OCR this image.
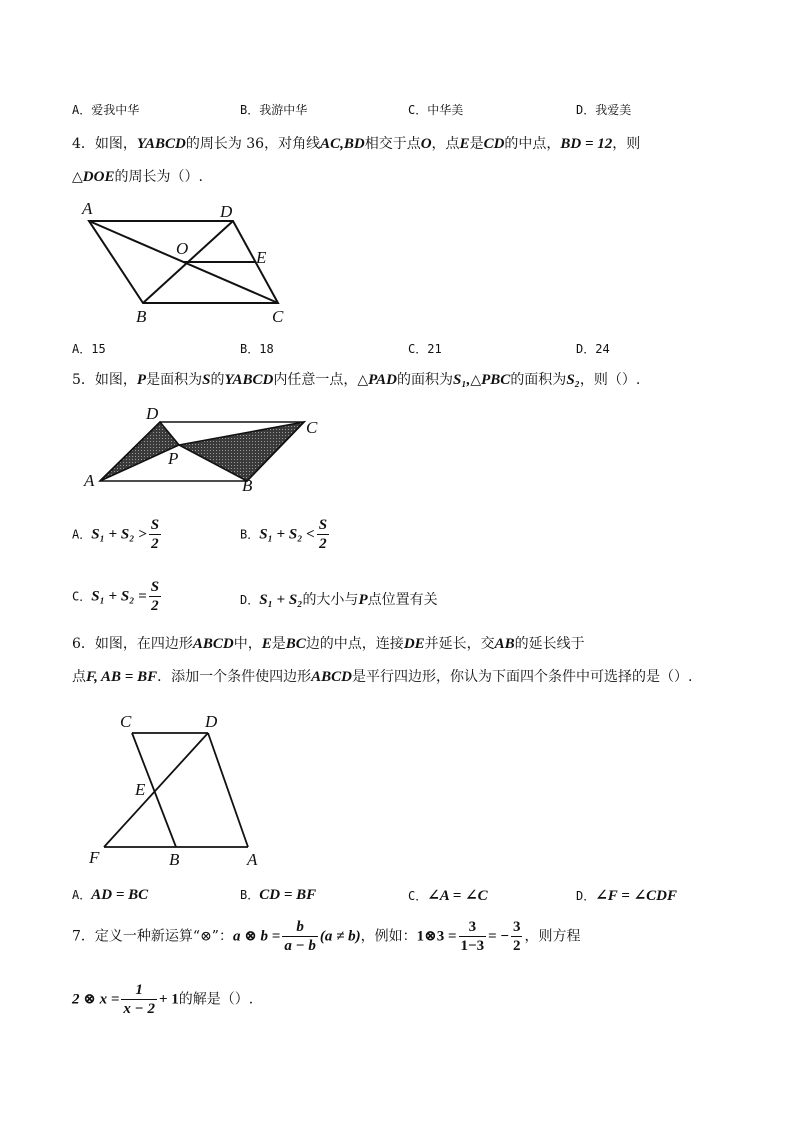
A．爱我中华	B．我游中华	C．中华美	D．我爱美
4．如图，YABCD的周长为 36，对角线AC,BD相交于点O，点E是CD的中点，BD = 12，则
△DOE的周长为（）.
A	D
O	E
B	C
A．15	B．18	C．21	D．24
5．如图，P是面积为S的YABCD内任意一点，△PAD的面积为S₁,△PBC的面积为S₂，则（）.
D
C
P
A	B
A．$S_1 + S_2 > \frac{S}{2}$	B．$S_1 + S_2 < \frac{S}{2}$
C．$S_1 + S_2 = \frac{S}{2}$	D．S₁ + S₂的大小与P点位置有关
6．如图，在四边形ABCD中，E是BC边的中点，连接DE并延长，交AB的延长线于
点F, AB = BF．添加一个条件使四边形ABCD是平行四边形，你认为下面四个条件中可选择的是（）.
C	D
E
F	B	A
A．AD = BC	B．CD = BF	C．∠A = ∠C	D．∠F = ∠CDF
7．定义一种新运算“⊗”：a ⊗ $b = \frac{b}{a - b} (a \ne b)$，例如：1⊗3 = $\frac{3}{1-3}$ = − $\frac{3}{2}$ ，则方程
2 ⊗ $x = \frac{1}{x - 2} + 1$的解是（）.
